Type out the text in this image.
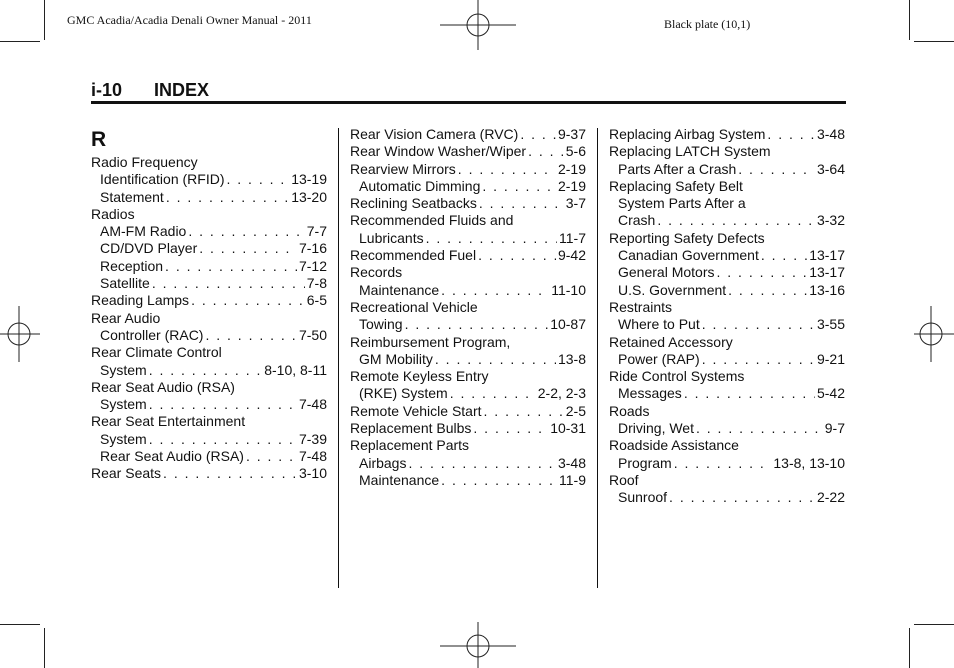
GMC Acadia/Acadia Denali Owner Manual - 2011	Black plate (10,1)
i-10 INDEX
R
Radio Frequency
Identification (RFID) . . .	13-19
Statement . . .	13-20
Radios
AM-FM Radio . . .	7-7
CD/DVD Player . . .	7-16
Reception . . .	7-12
Satellite . . .	7-8
Reading Lamps . . .	6-5
Rear Audio
Controller (RAC) . . .	7-50
Rear Climate Control
System . . .	8-10, 8-11
Rear Seat Audio (RSA)
System . . .	7-48
Rear Seat Entertainment
System . . .	7-39
Rear Seat Audio (RSA) . . .	7-48
Rear Seats . . .	3-10
Rear Vision Camera (RVC) . . .	9-37
Rear Window Washer/Wiper . . .	5-6
Rearview Mirrors . . .	2-19
Automatic Dimming . . .	2-19
Reclining Seatbacks . . .	3-7
Recommended Fluids and
Lubricants . . .	11-7
Recommended Fuel . . .	9-42
Records
Maintenance . . .	11-10
Recreational Vehicle
Towing . . .	10-87
Reimbursement Program,
GM Mobility . . .	13-8
Remote Keyless Entry
(RKE) System . . .	2-2, 2-3
Remote Vehicle Start . . .	2-5
Replacement Bulbs . . .	10-31
Replacement Parts
Airbags . . .	3-48
Maintenance . . .	11-9
Replacing Airbag System . . .	3-48
Replacing LATCH System
Parts After a Crash . . .	3-64
Replacing Safety Belt
System Parts After a
Crash . . .	3-32
Reporting Safety Defects
Canadian Government . . .	13-17
General Motors . . .	13-17
U.S. Government . . .	13-16
Restraints
Where to Put . . .	3-55
Retained Accessory
Power (RAP) . . .	9-21
Ride Control Systems
Messages . . .	5-42
Roads
Driving, Wet . . .	9-7
Roadside Assistance
Program . . .	13-8, 13-10
Roof
Sunroof . . .	2-22
